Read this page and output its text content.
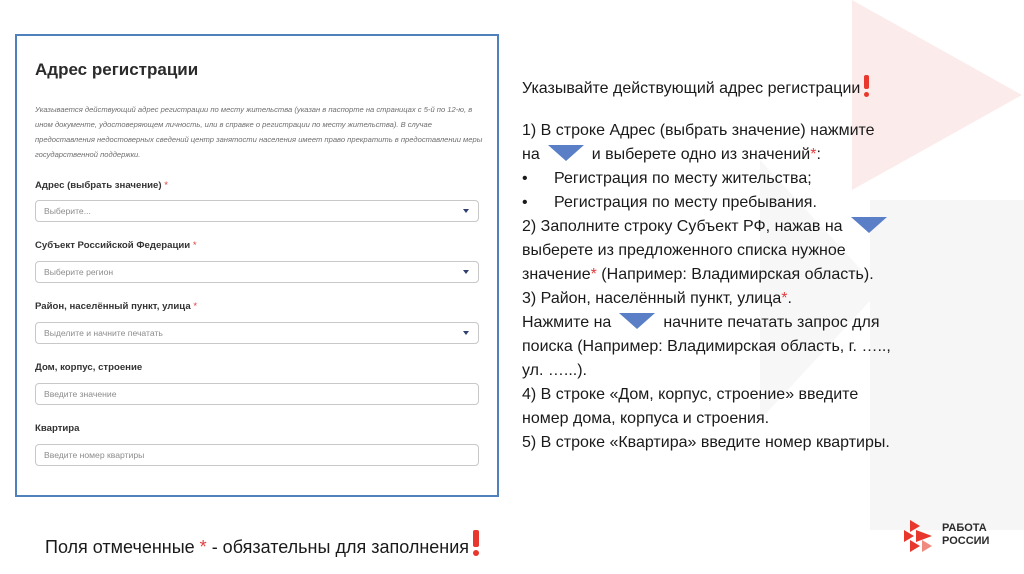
Адрес регистрации
Указывается действующий адрес регистрации по месту жительства (указан в паспорте на страницах с 5-й по 12-ю, в ином документе, удостоверяющем личность, или в справке о регистрации по месту жительства). В случае предоставления недостоверных сведений центр занятости населения имеет право прекратить в предоставлении меры государственной поддержки.
Адрес (выбрать значение) *
Выберите...
Субъект Российской Федерации *
Выберите регион
Район, населённый пункт, улица *
Выделите и начните печатать
Дом, корпус, строение
Введите значение
Квартира
Введите номер квартиры
Указывайте действующий адрес регистрации
1) В строке Адрес (выбрать значение) нажмите
на	и выберете одно из значений*:
• Регистрация по месту жительства;
• Регистрация по месту пребывания.
2) Заполните строку Субъект РФ, нажав на
выберете из предложенного списка нужное
значение* (Например: Владимирская область).
3) Район, населённый пункт, улица*.
Нажмите на	начните печатать запрос для
поиска (Например: Владимирская область, г. …..,
ул. …...).
4) В строке «Дом, корпус, строение» введите
номер дома, корпуса и строения.
5) В строке «Квартира» введите номер квартиры.
Поля отмеченные * - обязательны для заполнения
РАБОТА
РОССИИ
